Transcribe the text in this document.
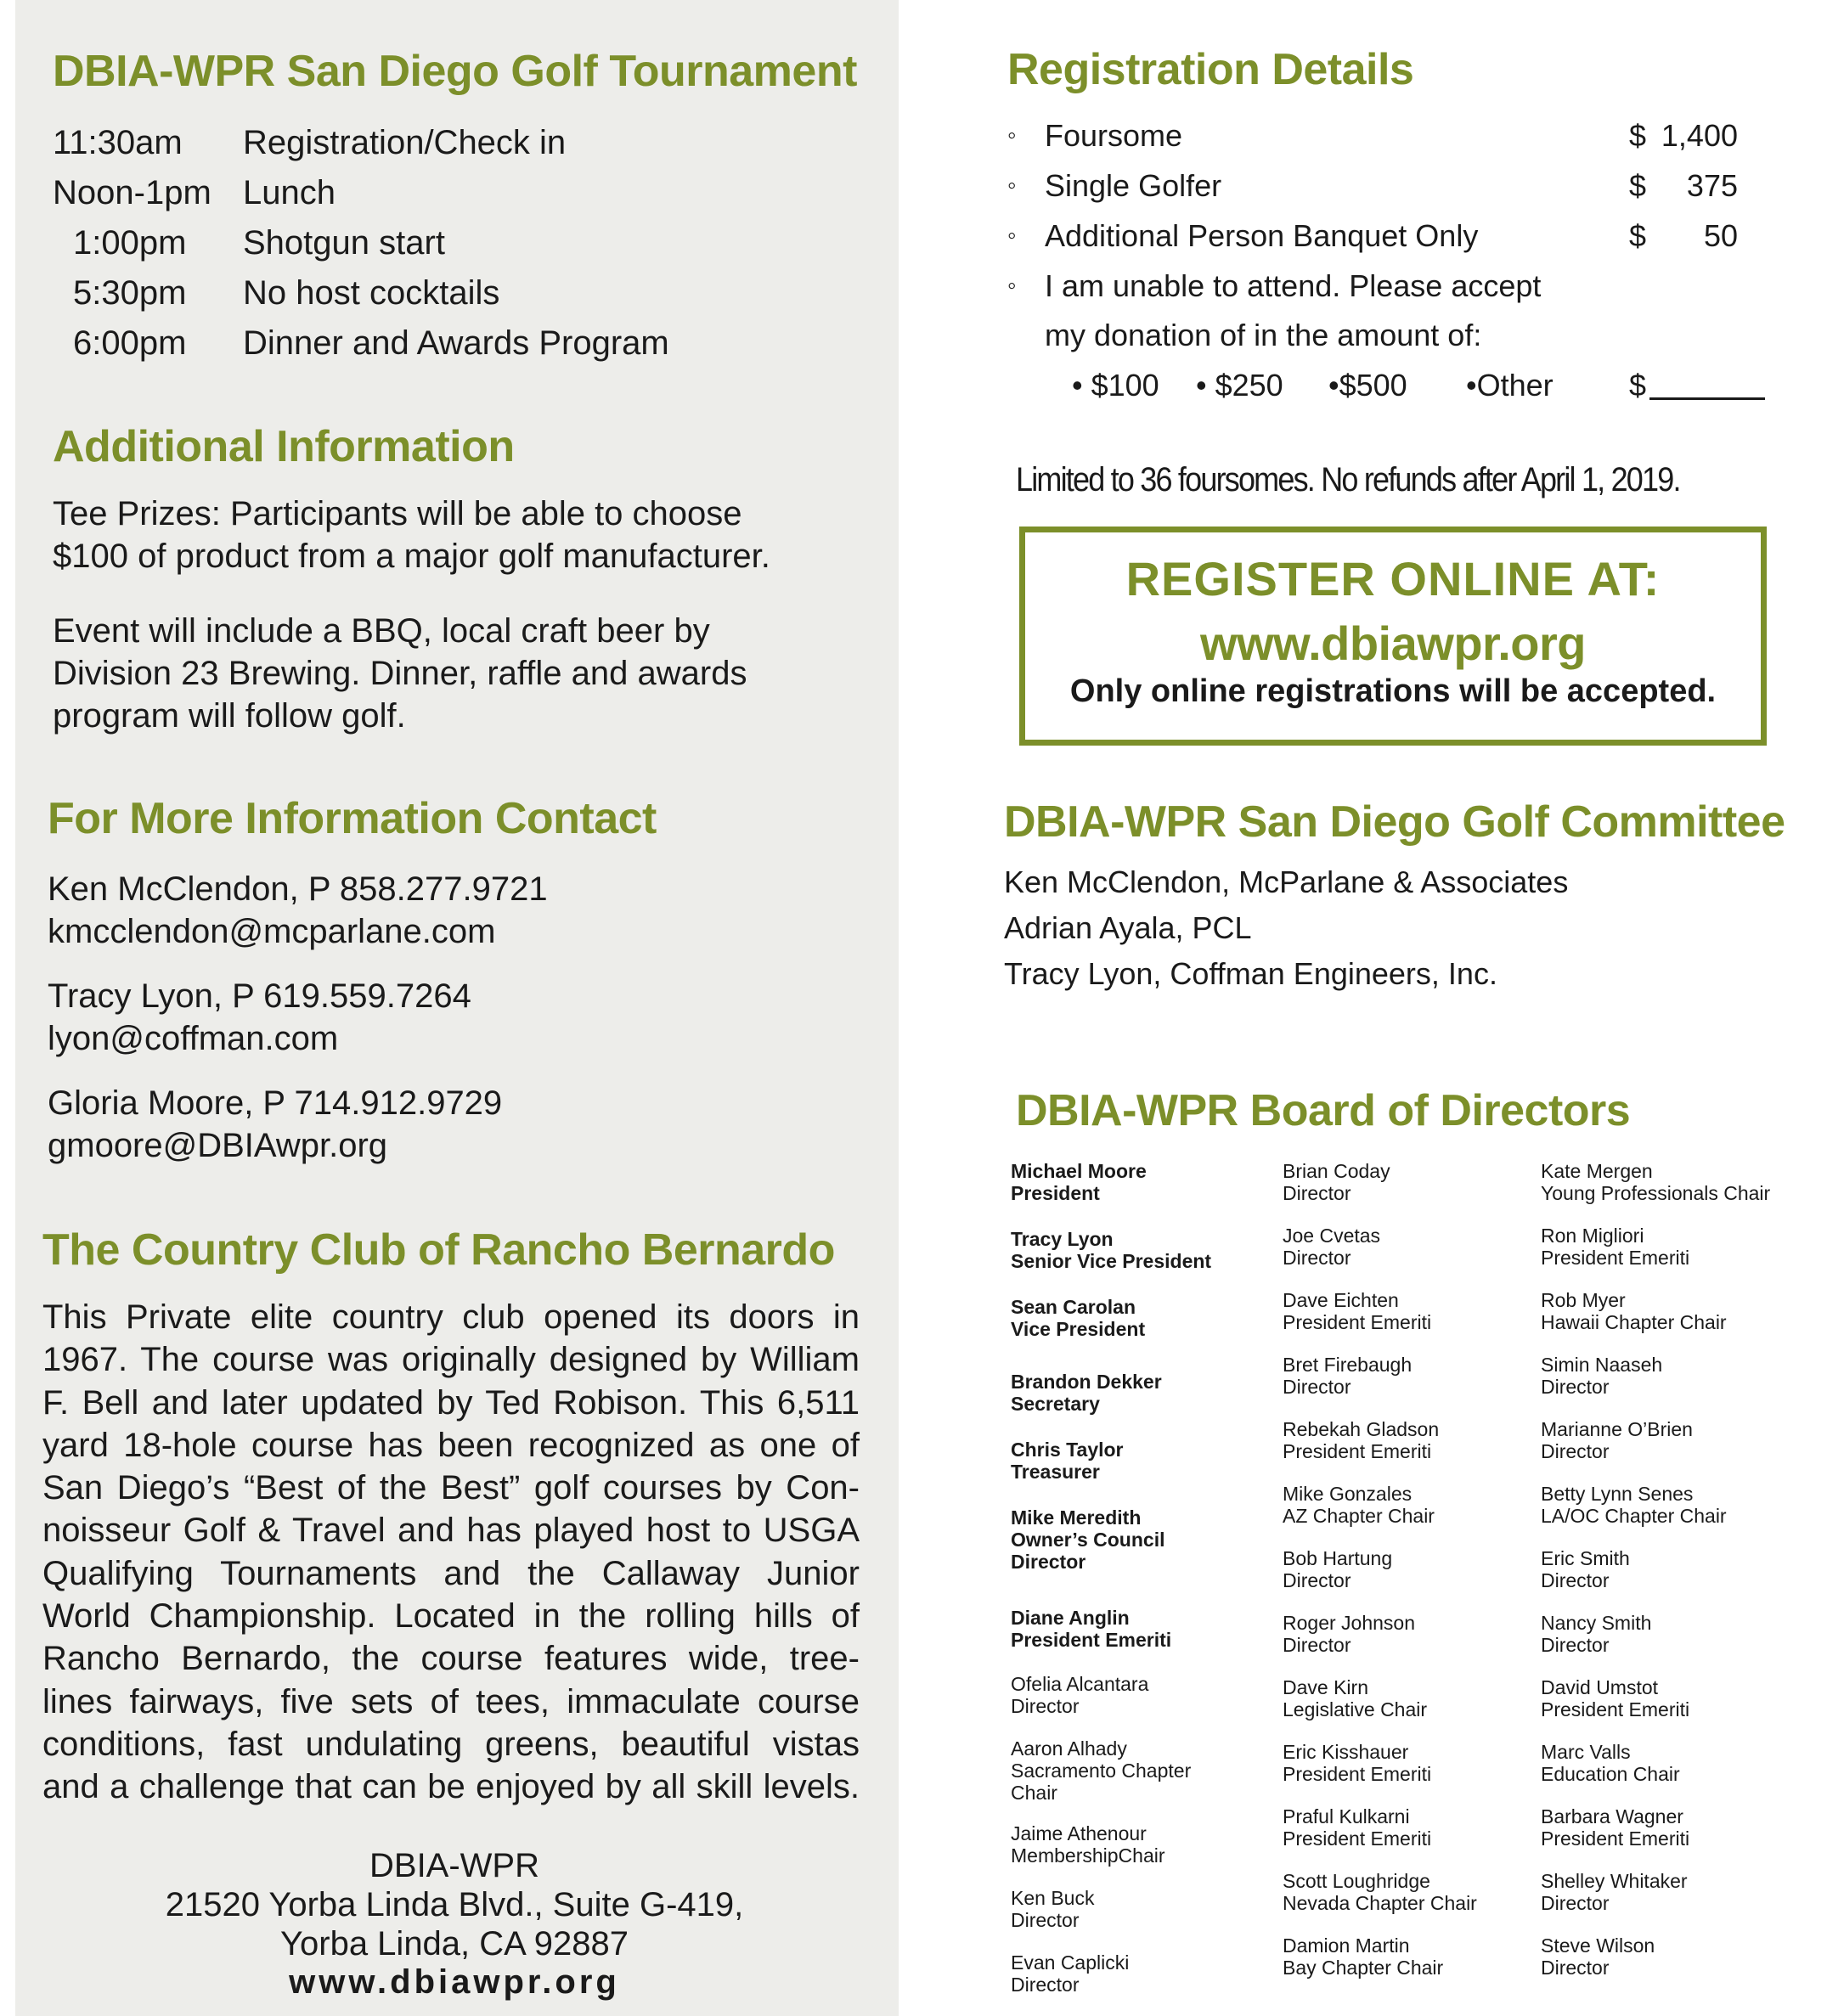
DBIA-WPR San Diego Golf Tournament
11:30am	Registration/Check in
Noon-1pm Lunch
1:00pm	Shotgun start
5:30pm	No host cocktails
6:00pm	Dinner and Awards Program
Additional Information
Tee Prizes: Participants will be able to choose
$100 of product from a major golf manufacturer.
Event will include a BBQ, local craft beer by
Division 23 Brewing. Dinner, raffle and awards
program will follow golf.
For More Information Contact
Ken McClendon, P 858.277.9721
kmcclendon@mcparlane.com
Tracy Lyon, P 619.559.7264
lyon@coffman.com
Gloria Moore, P 714.912.9729
gmoore@DBIAwpr.org
The Country Club of Rancho Bernardo
This Private elite country club opened its doors in
1967. The course was originally designed by William
F. Bell and later updated by Ted Robison. This 6,511
yard 18-hole course has been recognized as one of
San Diego’s “Best of the Best” golf courses by Con-
noisseur Golf & Travel and has played host to USGA
Qualifying Tournaments and the Callaway Junior
World Championship. Located in the rolling hills of
Rancho Bernardo, the course features wide, tree-
lines fairways, five sets of tees, immaculate course
conditions, fast undulating greens, beautiful vistas
and a challenge that can be enjoyed by all skill levels.
DBIA-WPR
21520 Yorba Linda Blvd., Suite G-419,
Yorba Linda, CA 92887
www.dbiawpr.org
Registration Details
◦ Foursome	$ 1,400
◦ Single Golfer	$ 375
◦ Additional Person Banquet Only	$ 50
◦ I am unable to attend. Please accept
my donation of in the amount of:
• $100 • $250 •$500 •Other $
Limited to 36 foursomes. No refunds after April 1, 2019.
REGISTER ONLINE AT:
www.dbiawpr.org
Only online registrations will be accepted.
DBIA-WPR San Diego Golf Committee
Ken McClendon, McParlane & Associates
Adrian Ayala, PCL
Tracy Lyon, Coffman Engineers, Inc.
DBIA-WPR Board of Directors
Michael Moore
President
Tracy Lyon
Senior Vice President
Sean Carolan
Vice President
Brandon Dekker
Secretary
Chris Taylor
Treasurer
Mike Meredith
Owner’s Council
Director
Diane Anglin
President Emeriti
Ofelia Alcantara
Director
Aaron Alhady
Sacramento Chapter
Chair
Jaime Athenour
MembershipChair
Ken Buck
Director
Evan Caplicki
Director
Brian Coday
Director
Joe Cvetas
Director
Dave Eichten
President Emeriti
Bret Firebaugh
Director
Rebekah Gladson
President Emeriti
Mike Gonzales
AZ Chapter Chair
Bob Hartung
Director
Roger Johnson
Director
Dave Kirn
Legislative Chair
Eric Kisshauer
President Emeriti
Praful Kulkarni
President Emeriti
Scott Loughridge
Nevada Chapter Chair
Damion Martin
Bay Chapter Chair
Kate Mergen
Young Professionals Chair
Ron Migliori
President Emeriti
Rob Myer
Hawaii Chapter Chair
Simin Naaseh
Director
Marianne O’Brien
Director
Betty Lynn Senes
LA/OC Chapter Chair
Eric Smith
Director
Nancy Smith
Director
David Umstot
President Emeriti
Marc Valls
Education Chair
Barbara Wagner
President Emeriti
Shelley Whitaker
Director
Steve Wilson
Director
